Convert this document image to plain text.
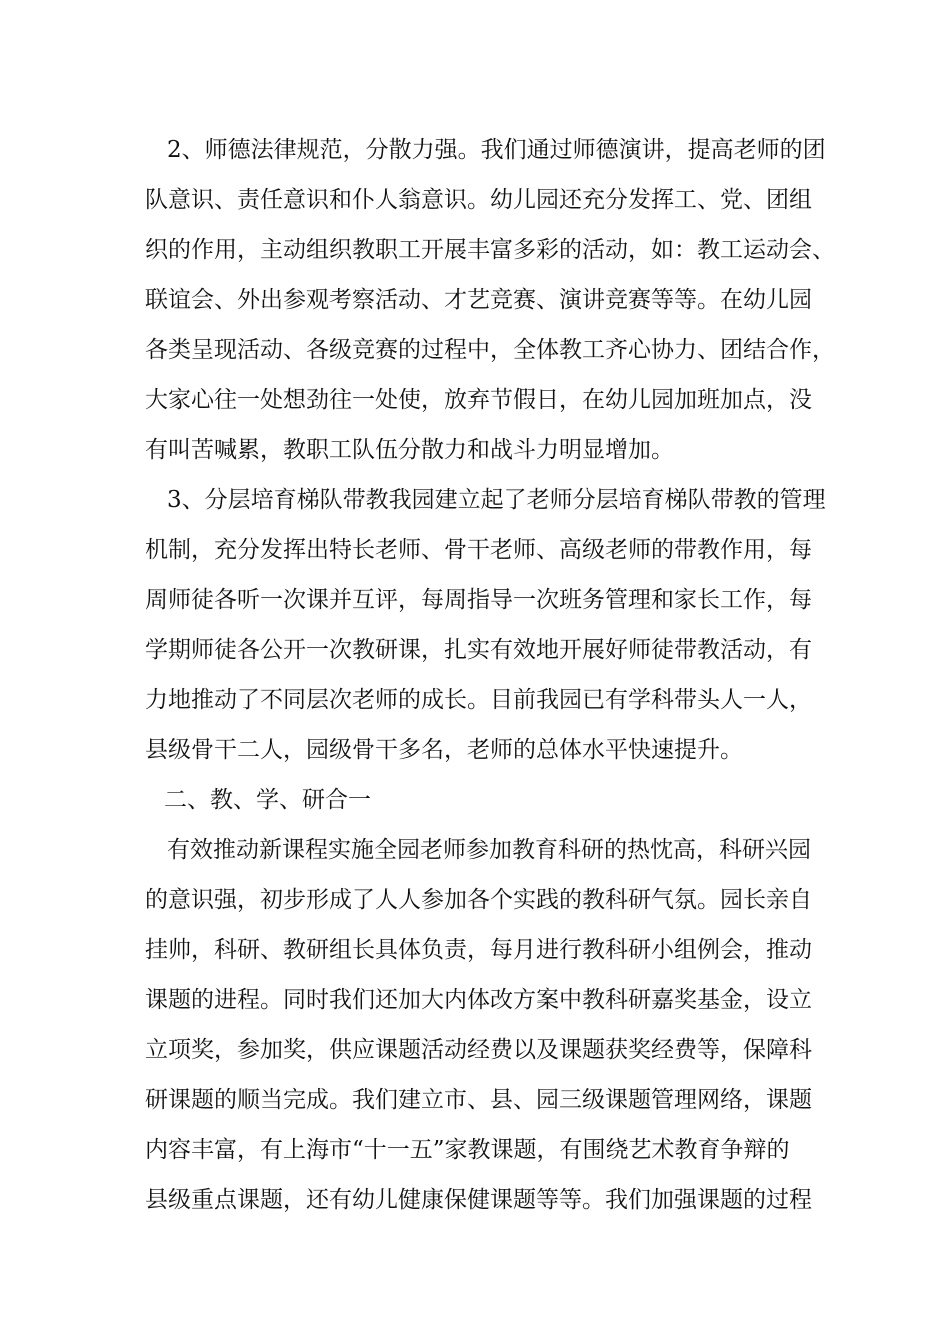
2、师德法律规范，分散力强。我们通过师德演讲，提高老师的团
队意识、责任意识和仆人翁意识。幼儿园还充分发挥工、党、团组
织的作用，主动组织教职工开展丰富多彩的活动，如：教工运动会、
联谊会、外出参观考察活动、才艺竞赛、演讲竞赛等等。在幼儿园
各类呈现活动、各级竞赛的过程中，全体教工齐心协力、团结合作，
大家心往一处想劲往一处使，放弃节假日，在幼儿园加班加点，没
有叫苦喊累，教职工队伍分散力和战斗力明显增加。
3、分层培育梯队带教我园建立起了老师分层培育梯队带教的管理
机制，充分发挥出特长老师、骨干老师、高级老师的带教作用，每
周师徒各听一次课并互评，每周指导一次班务管理和家长工作，每
学期师徒各公开一次教研课，扎实有效地开展好师徒带教活动，有
力地推动了不同层次老师的成长。目前我园已有学科带头人一人，
县级骨干二人，园级骨干多名，老师的总体水平快速提升。
二、教、学、研合一
有效推动新课程实施全园老师参加教育科研的热忱高，科研兴园
的意识强，初步形成了人人参加各个实践的教科研气氛。园长亲自
挂帅，科研、教研组长具体负责，每月进行教科研小组例会，推动
课题的进程。同时我们还加大内体改方案中教科研嘉奖基金，设立
立项奖，参加奖，供应课题活动经费以及课题获奖经费等，保障科
研课题的顺当完成。我们建立市、县、园三级课题管理网络，课题
内容丰富，有上海市“十一五”家教课题，有围绕艺术教育争辩的
县级重点课题，还有幼儿健康保健课题等等。我们加强课题的过程
